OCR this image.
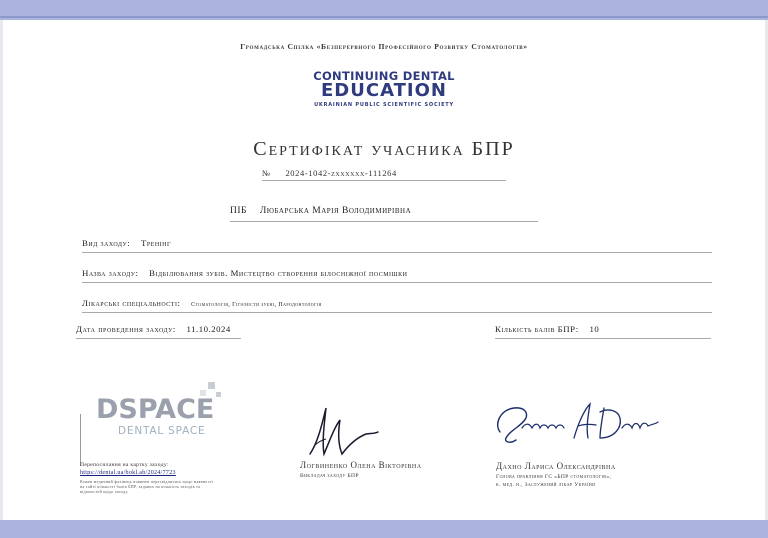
Громадська Спілка «Безперервного Професійного Розвитку Стоматологів»
CONTINUING DENTAL
EDUCATION
UKRAINIAN PUBLIC SCIENTIFIC SOCIETY
Сертифікат учасника БПР
№ 2024-1042-zxxxxxx-111264
ПІБ Любарська Марія Володимирівна
Вид заходу: Тренінг
Назва заходу: Відбілювання зубів. Мистецтво створення білосніжної посмішки
Лікарські спеціальності: Стоматологія, Гігієністи зубні, Пародонтологія
Дата проведення заходу: 11.10.2024	Кількість балів БПР: 10
DSPACE
DENTAL SPACE
Перепосилання на картку заходу:
https://dental.ua/bokl.ab/2024/7723
Кожен медичний фахівець повинен пересвідчитись щодо наявності на сайті кількості балів БПР, заданих на кількість заходів та відомостей щодо заходу.
Логвиненко Олена Вікторівна
Викладач заходу БПР
Дахно Лариса Олександрівна
Голова правління ГС «БПР стоматологів»,
к. мед. н., Заслужений лікар України
